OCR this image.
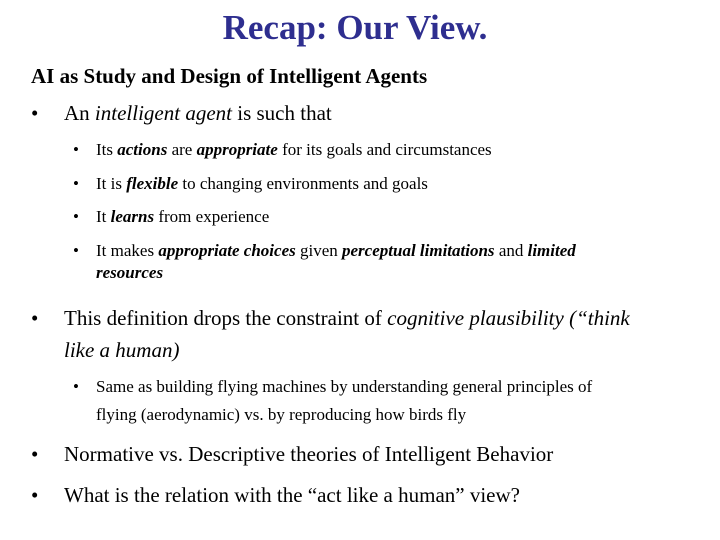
Recap: Our View.
AI as Study and Design of Intelligent Agents
• An intelligent agent is such that
• Its actions are appropriate for its goals and circumstances
• It is flexible to changing environments and goals
• It learns from experience
• It makes appropriate choices given perceptual limitations and limited
resources
• This definition drops the constraint of cognitive plausibility (“think
like a human)
• Same as building flying machines by understanding general principles of
flying (aerodynamic) vs. by reproducing how birds fly
• Normative vs. Descriptive theories of Intelligent Behavior
• What is the relation with the “act like a human” view?
